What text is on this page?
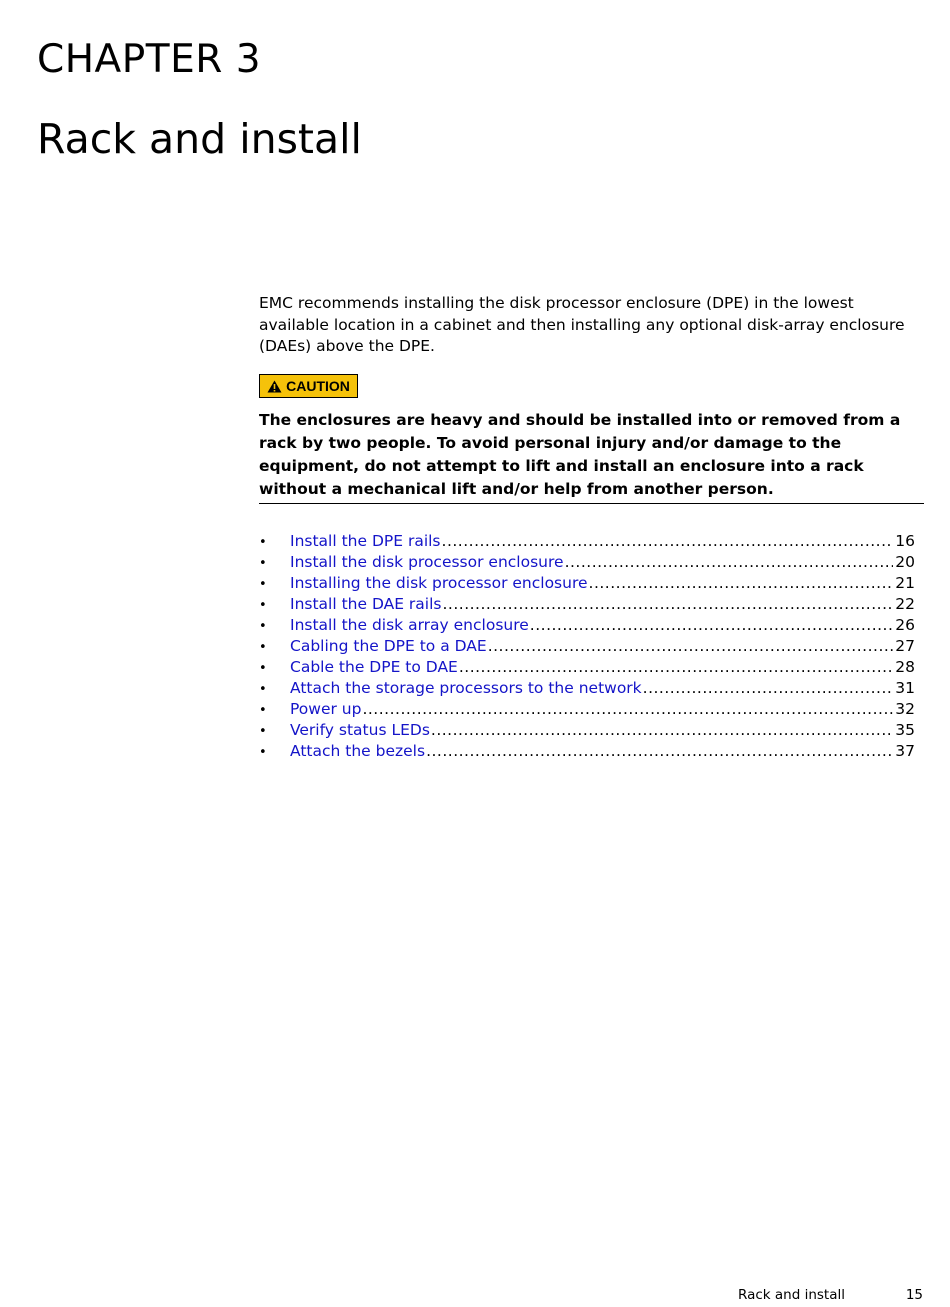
CHAPTER 3
Rack and install

EMC recommends installing the disk processor enclosure (DPE) in the lowest available location in a cabinet and then installing any optional disk-array enclosure (DAEs) above the DPE.

CAUTION

The enclosures are heavy and should be installed into or removed from a rack by two people. To avoid personal injury and/or damage to the equipment, do not attempt to lift and install an enclosure into a rack without a mechanical lift and/or help from another person.

•	Install the DPE rails .....	16
•	Install the disk processor enclosure .....	20
•	Installing the disk processor enclosure .....	21
•	Install the DAE rails .....	22
•	Install the disk array enclosure .....	26
•	Cabling the DPE to a DAE .....	27
•	Cable the DPE to DAE .....	28
•	Attach the storage processors to the network .....	31
•	Power up .....	32
•	Verify status LEDs .....	35
•	Attach the bezels .....	37
Rack and install	15
